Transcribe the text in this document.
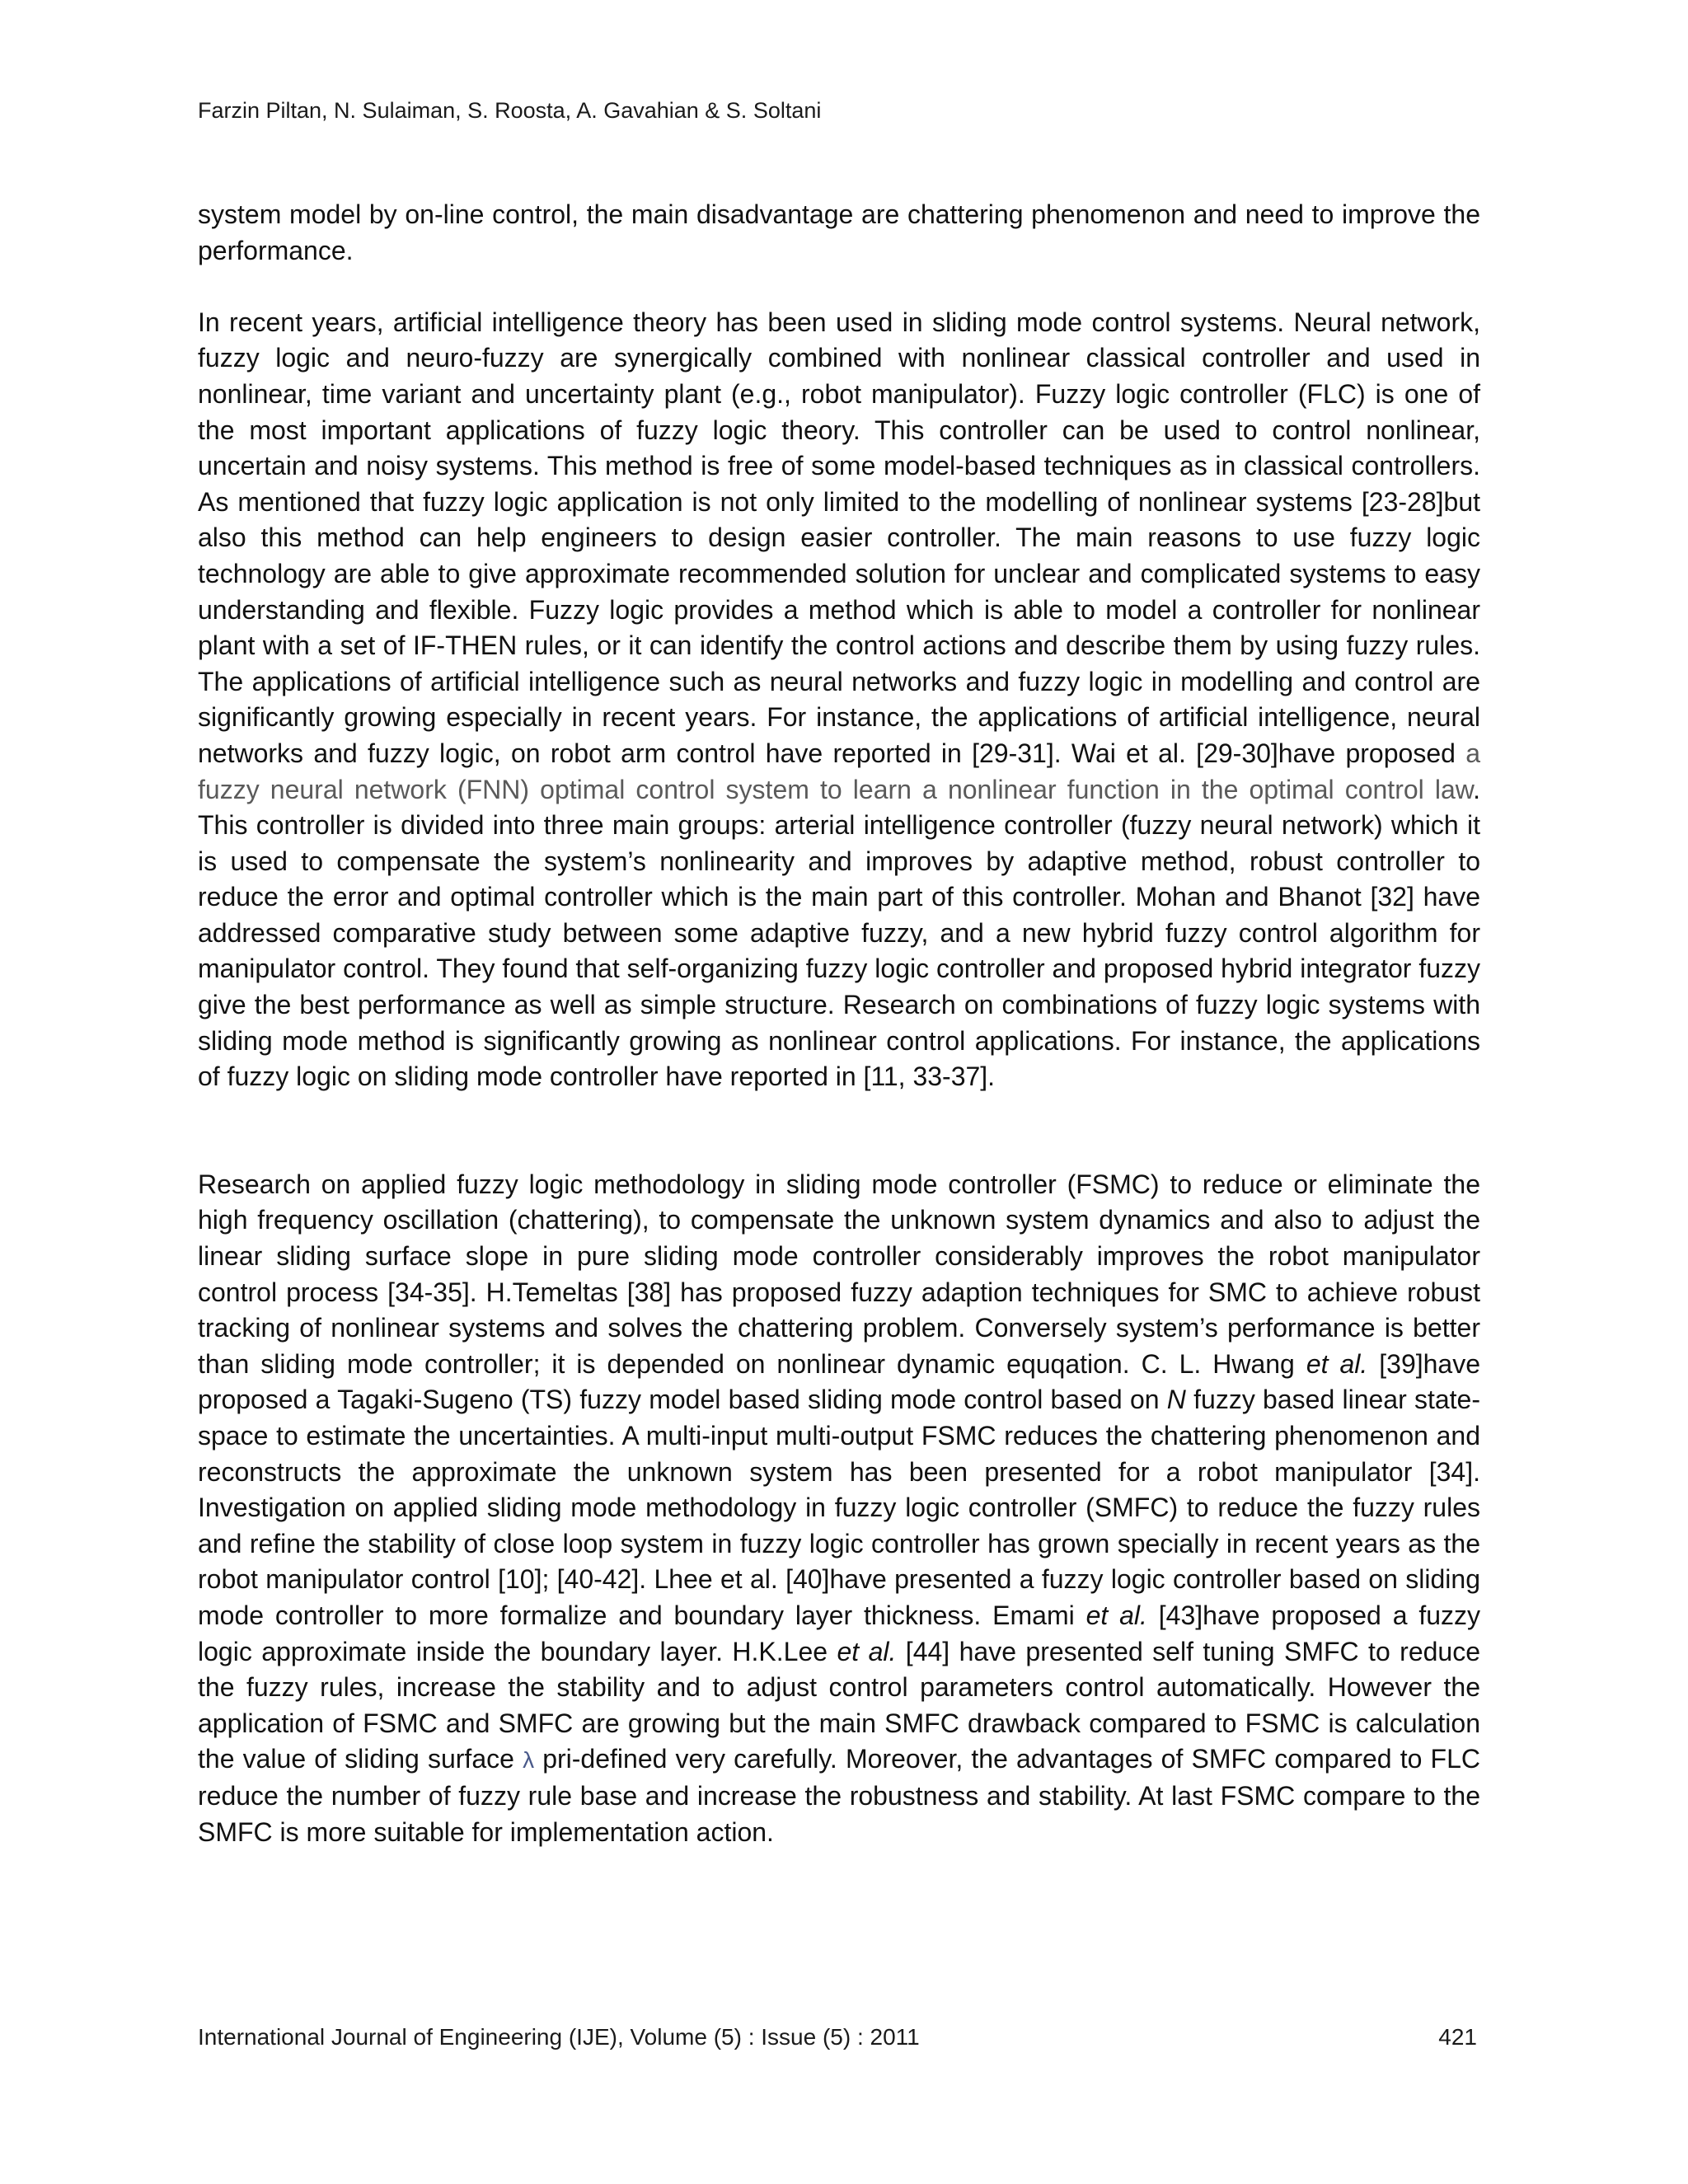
Farzin Piltan, N. Sulaiman, S. Roosta, A. Gavahian & S. Soltani

system model by on-line control, the main disadvantage are chattering phenomenon and need to improve the performance.

In recent years, artificial intelligence theory has been used in sliding mode control systems. Neural network, fuzzy logic and neuro-fuzzy are synergically combined with nonlinear classical controller and used in nonlinear, time variant and uncertainty plant (e.g., robot manipulator). Fuzzy logic controller (FLC) is one of the most important applications of fuzzy logic theory. This controller can be used to control nonlinear, uncertain and noisy systems. This method is free of some model-based techniques as in classical controllers. As mentioned that fuzzy logic application is not only limited to the modelling of nonlinear systems [23-28]but also this method can help engineers to design easier controller. The main reasons to use fuzzy logic technology are able to give approximate recommended solution for unclear and complicated systems to easy understanding and flexible. Fuzzy logic provides a method which is able to model a controller for nonlinear plant with a set of IF-THEN rules, or it can identify the control actions and describe them by using fuzzy rules. The applications of artificial intelligence such as neural networks and fuzzy logic in modelling and control are significantly growing especially in recent years. For instance, the applications of artificial intelligence, neural networks and fuzzy logic, on robot arm control have reported in [29-31]. Wai et al. [29-30]have proposed a fuzzy neural network (FNN) optimal control system to learn a nonlinear function in the optimal control law. This controller is divided into three main groups: arterial intelligence controller (fuzzy neural network) which it is used to compensate the system’s nonlinearity and improves by adaptive method, robust controller to reduce the error and optimal controller which is the main part of this controller. Mohan and Bhanot [32] have addressed comparative study between some adaptive fuzzy, and a new hybrid fuzzy control algorithm for manipulator control. They found that self-organizing fuzzy logic controller and proposed hybrid integrator fuzzy give the best performance as well as simple structure. Research on combinations of fuzzy logic systems with sliding mode method is significantly growing as nonlinear control applications. For instance, the applications of fuzzy logic on sliding mode controller have reported in [11, 33-37].

Research on applied fuzzy logic methodology in sliding mode controller (FSMC) to reduce or eliminate the high frequency oscillation (chattering), to compensate the unknown system dynamics and also to adjust the linear sliding surface slope in pure sliding mode controller considerably improves the robot manipulator control process [34-35]. H.Temeltas [38] has proposed fuzzy adaption techniques for SMC to achieve robust tracking of nonlinear systems and solves the chattering problem. Conversely system’s performance is better than sliding mode controller; it is depended on nonlinear dynamic equqation. C. L. Hwang et al. [39]have proposed a Tagaki-Sugeno (TS) fuzzy model based sliding mode control based on N fuzzy based linear state-space to estimate the uncertainties. A multi-input multi-output FSMC reduces the chattering phenomenon and reconstructs the approximate the unknown system has been presented for a robot manipulator [34]. Investigation on applied sliding mode methodology in fuzzy logic controller (SMFC) to reduce the fuzzy rules and refine the stability of close loop system in fuzzy logic controller has grown specially in recent years as the robot manipulator control [10]; [40-42]. Lhee et al. [40]have presented a fuzzy logic controller based on sliding mode controller to more formalize and boundary layer thickness. Emami et al. [43]have proposed a fuzzy logic approximate inside the boundary layer. H.K.Lee et al. [44] have presented self tuning SMFC to reduce the fuzzy rules, increase the stability and to adjust control parameters control automatically. However the application of FSMC and SMFC are growing but the main SMFC drawback compared to FSMC is calculation the value of sliding surface λ pri-defined very carefully. Moreover, the advantages of SMFC compared to FLC reduce the number of fuzzy rule base and increase the robustness and stability. At last FSMC compare to the SMFC is more suitable for implementation action.

International Journal of Engineering (IJE), Volume (5) : Issue (5) : 2011	421
